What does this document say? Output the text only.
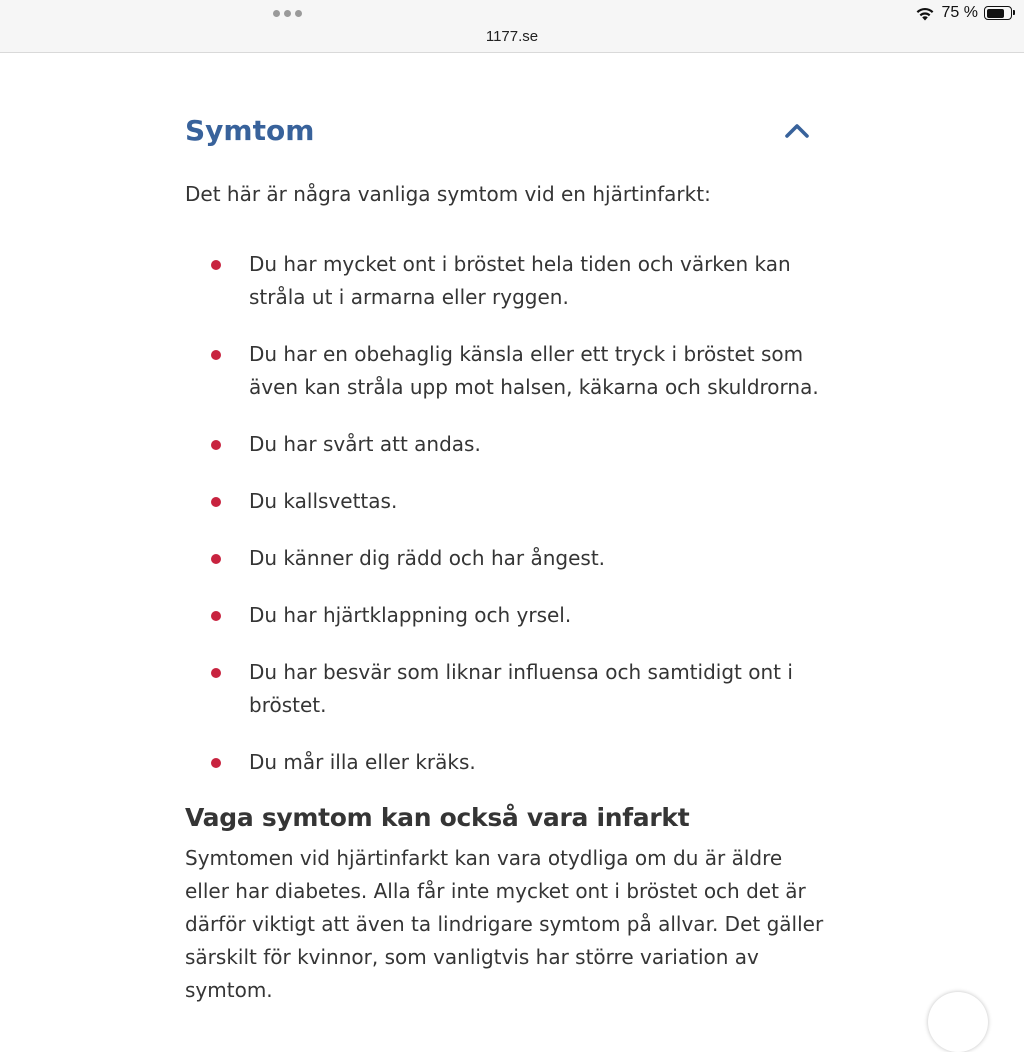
1177.se
75 %
Symtom

Det här är några vanliga symtom vid en hjärtinfarkt:

Du har mycket ont i bröstet hela tiden och värken kan stråla ut i armarna eller ryggen.
Du har en obehaglig känsla eller ett tryck i bröstet som även kan stråla upp mot halsen, käkarna och skuldrorna.
Du har svårt att andas.
Du kallsvettas.
Du känner dig rädd och har ångest.
Du har hjärtklappning och yrsel.
Du har besvär som liknar influensa och samtidigt ont i bröstet.
Du mår illa eller kräks.
Vaga symtom kan också vara infarkt

Symtomen vid hjärtinfarkt kan vara otydliga om du är äldre eller har diabetes. Alla får inte mycket ont i bröstet och det är därför viktigt att även ta lindrigare symtom på allvar. Det gäller särskilt för kvinnor, som vanligtvis har större variation av symtom.
